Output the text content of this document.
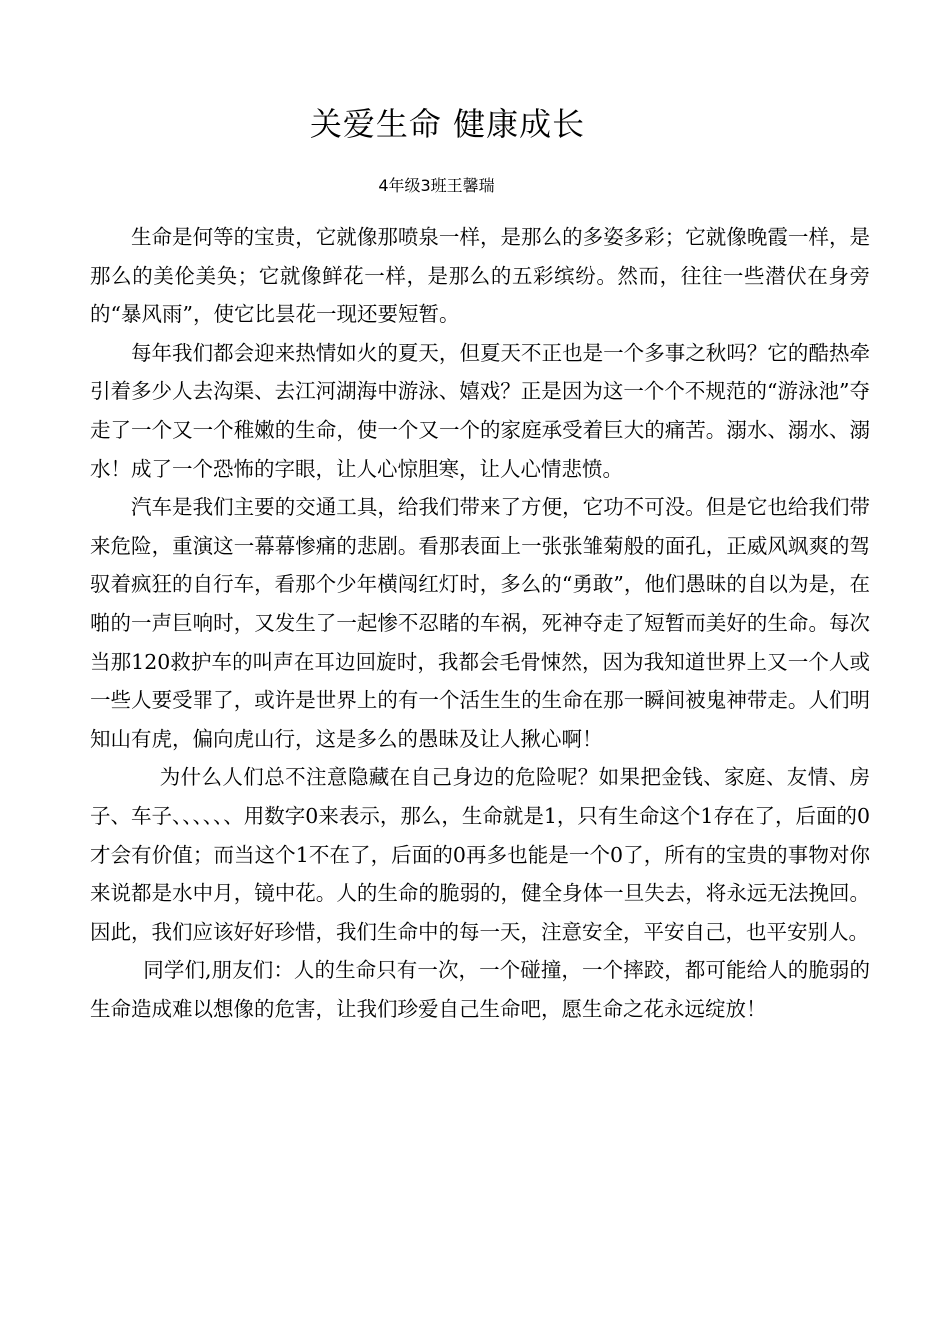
关爱生命 健康成长
4年级3班王馨瑞

生命是何等的宝贵，它就像那喷泉一样，是那么的多姿多彩；它就像晚霞一样，是那么的美伦美奂；它就像鲜花一样，是那么的五彩缤纷。然而，往往一些潜伏在身旁的“暴风雨”，使它比昙花一现还要短暂。

每年我们都会迎来热情如火的夏天，但夏天不正也是一个多事之秋吗？它的酷热牵引着多少人去沟渠、去江河湖海中游泳、嬉戏？正是因为这一个个不规范的“游泳池”夺走了一个又一个稚嫩的生命，使一个又一个的家庭承受着巨大的痛苦。溺水、溺水、溺水！成了一个恐怖的字眼，让人心惊胆寒，让人心情悲愤。

汽车是我们主要的交通工具，给我们带来了方便，它功不可没。但是它也给我们带来危险，重演这一幕幕惨痛的悲剧。看那表面上一张张雏菊般的面孔，正威风飒爽的驾驭着疯狂的自行车，看那个少年横闯红灯时，多么的“勇敢”，他们愚昧的自以为是，在啪的一声巨响时，又发生了一起惨不忍睹的车祸，死神夺走了短暂而美好的生命。每次当那120救护车的叫声在耳边回旋时，我都会毛骨悚然，因为我知道世界上又一个人或一些人要受罪了，或许是世界上的有一个活生生的生命在那一瞬间被鬼神带走。人们明知山有虎，偏向虎山行，这是多么的愚昧及让人揪心啊！

为什么人们总不注意隐藏在自己身边的危险呢？如果把金钱、家庭、友情、房子、车子、、、、、、用数字0来表示，那么，生命就是1，只有生命这个1存在了，后面的0才会有价值；而当这个1不在了，后面的0再多也能是一个0了，所有的宝贵的事物对你来说都是水中月，镜中花。人的生命的脆弱的，健全身体一旦失去，将永远无法挽回。因此，我们应该好好珍惜，我们生命中的每一天，注意安全，平安自己，也平安别人。

同学们,朋友们：人的生命只有一次，一个碰撞，一个摔跤，都可能给人的脆弱的生命造成难以想像的危害，让我们珍爱自己生命吧，愿生命之花永远绽放！
